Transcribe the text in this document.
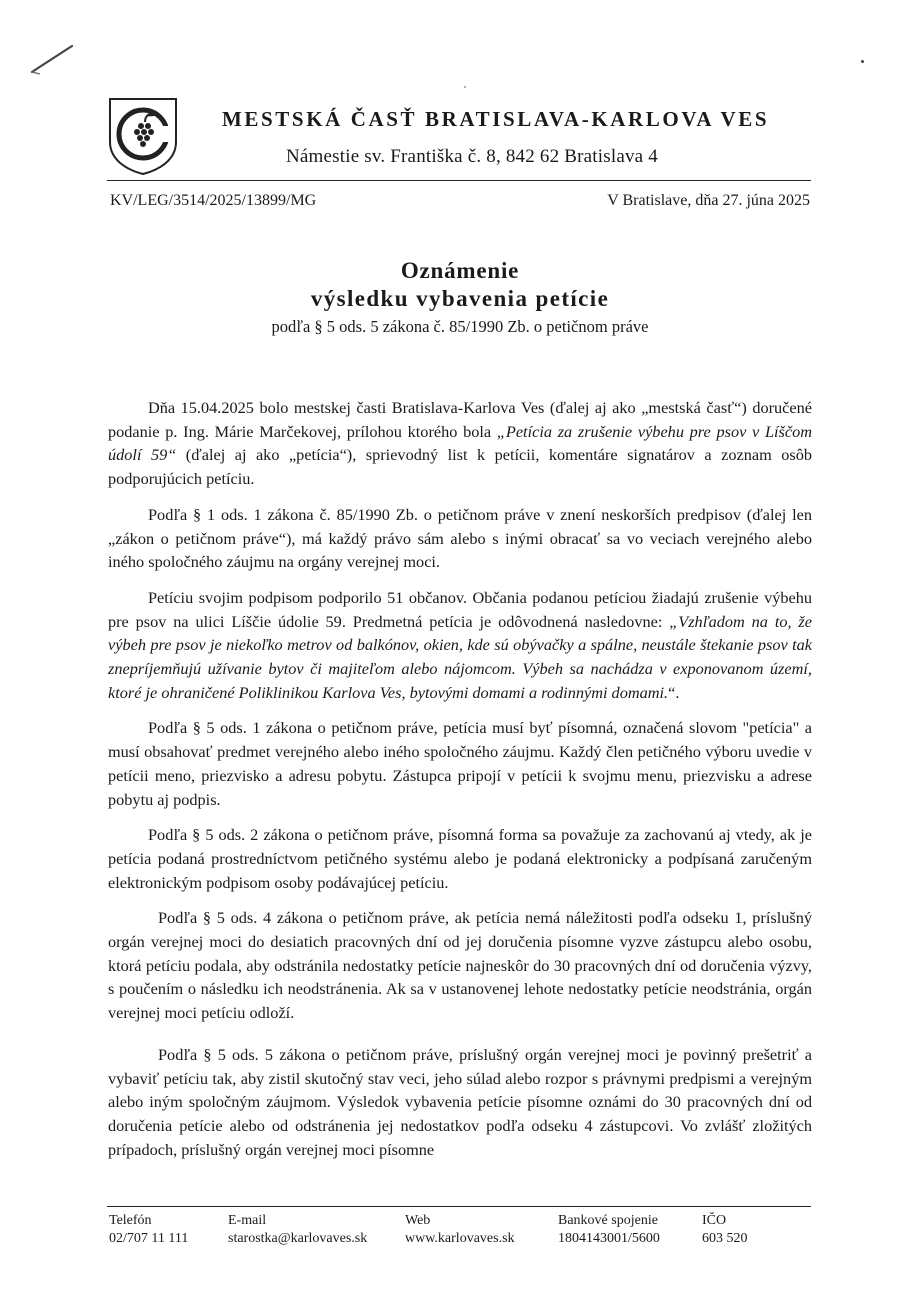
MESTSKÁ ČASŤ BRATISLAVA-KARLOVA VES
Námestie sv. Františka č. 8, 842 62 Bratislava 4
KV/LEG/3514/2025/13899/MG	V Bratislave, dňa 27. júna 2025
Oznámenie
výsledku vybavenia petície
podľa § 5 ods. 5 zákona č. 85/1990 Zb. o petičnom práve

Dňa 15.04.2025 bolo mestskej časti Bratislava-Karlova Ves (ďalej aj ako „mestská časť“) doručené podanie p. Ing. Márie Marčekovej, prílohou ktorého bola „Petícia za zrušenie výbehu pre psov v Líščom údolí 59“ (ďalej aj ako „petícia“), sprievodný list k petícii, komentáre signatárov a zoznam osôb podporujúcich petíciu.

Podľa § 1 ods. 1 zákona č. 85/1990 Zb. o petičnom práve v znení neskorších predpisov (ďalej len „zákon o petičnom práve“), má každý právo sám alebo s inými obracať sa vo veciach verejného alebo iného spoločného záujmu na orgány verejnej moci.

Petíciu svojim podpisom podporilo 51 občanov. Občania podanou petíciou žiadajú zrušenie výbehu pre psov na ulici Líščie údolie 59. Predmetná petícia je odôvodnená nasledovne: „Vzhľadom na to, že výbeh pre psov je niekoľko metrov od balkónov, okien, kde sú obývačky a spálne, neustále štekanie psov tak znepríjemňujú užívanie bytov či majiteľom alebo nájomcom. Výbeh sa nachádza v exponovanom území, ktoré je ohraničené Poliklinikou Karlova Ves, bytovými domami a rodinnými domami.“.

Podľa § 5 ods. 1 zákona o petičnom práve, petícia musí byť písomná, označená slovom "petícia" a musí obsahovať predmet verejného alebo iného spoločného záujmu. Každý člen petičného výboru uvedie v petícii meno, priezvisko a adresu pobytu. Zástupca pripojí v petícii k svojmu menu, priezvisku a adrese pobytu aj podpis.

Podľa § 5 ods. 2 zákona o petičnom práve, písomná forma sa považuje za zachovanú aj vtedy, ak je petícia podaná prostredníctvom petičného systému alebo je podaná elektronicky a podpísaná zaručeným elektronickým podpisom osoby podávajúcej petíciu.

Podľa § 5 ods. 4 zákona o petičnom práve, ak petícia nemá náležitosti podľa odseku 1, príslušný orgán verejnej moci do desiatich pracovných dní od jej doručenia písomne vyzve zástupcu alebo osobu, ktorá petíciu podala, aby odstránila nedostatky petície najneskôr do 30 pracovných dní od doručenia výzvy, s poučením o následku ich neodstránenia. Ak sa v ustanovenej lehote nedostatky petície neodstránia, orgán verejnej moci petíciu odloží.

Podľa § 5 ods. 5 zákona o petičnom práve, príslušný orgán verejnej moci je povinný prešetriť a vybaviť petíciu tak, aby zistil skutočný stav veci, jeho súlad alebo rozpor s právnymi predpismi a verejným alebo iným spoločným záujmom. Výsledok vybavenia petície písomne oznámi do 30 pracovných dní od doručenia petície alebo od odstránenia jej nedostatkov podľa odseku 4 zástupcovi. Vo zvlášť zložitých prípadoch, príslušný orgán verejnej moci písomne

Telefón
02/707 11 111
E-mail
starostka@karlovaves.sk
Web
www.karlovaves.sk
Bankové spojenie
1804143001/5600
IČO
603 520
